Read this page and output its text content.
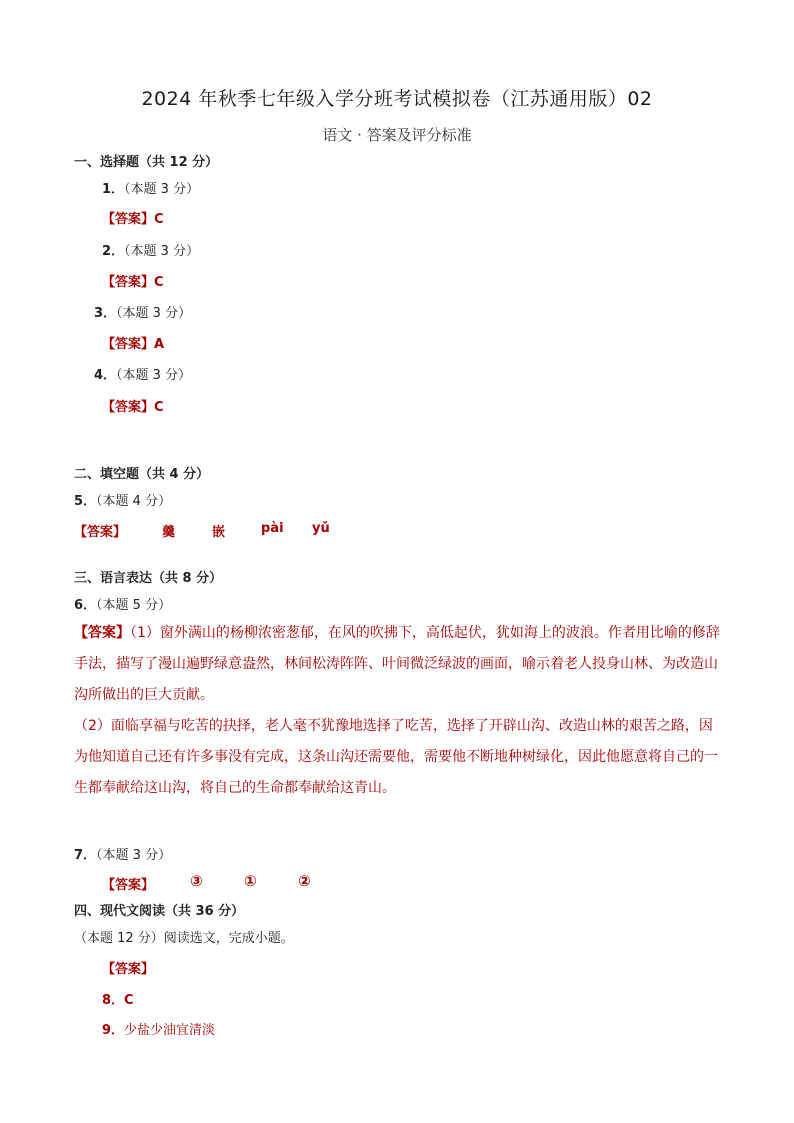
2024 年秋季七年级入学分班考试模拟卷（江苏通用版）02
语文 · 答案及评分标准
一、选择题（共 12 分）
1．（本题 3 分）
【答案】C
2．（本题 3 分）
【答案】C
3．（本题 3 分）
【答案】A
4．（本题 3 分）
【答案】C
二、填空题（共 4 分）
5．（本题 4 分）
【答案】	羹	嵌	pài yǔ
三、语言表达（共 8 分）
6．（本题 5 分）
【答案】（1）窗外满山的杨柳浓密葱郁，在风的吹拂下，高低起伏，犹如海上的波浪。作者用比喻的修辞手法，描写了漫山遍野绿意盎然，林间松涛阵阵、叶间微泛绿波的画面，喻示着老人投身山林、为改造山沟所做出的巨大贡献。
（2）面临享福与吃苦的抉择，老人毫不犹豫地选择了吃苦，选择了开辟山沟、改造山林的艰苦之路，因为他知道自己还有许多事没有完成，这条山沟还需要他，需要他不断地种树绿化，因此他愿意将自己的一生都奉献给这山沟，将自己的生命都奉献给这青山。
7．（本题 3 分）
【答案】 ③	①	②
四、现代文阅读（共 36 分）
（本题 12 分）阅读选文，完成小题。
【答案】
8．C
9．少盐少油宜清淡
